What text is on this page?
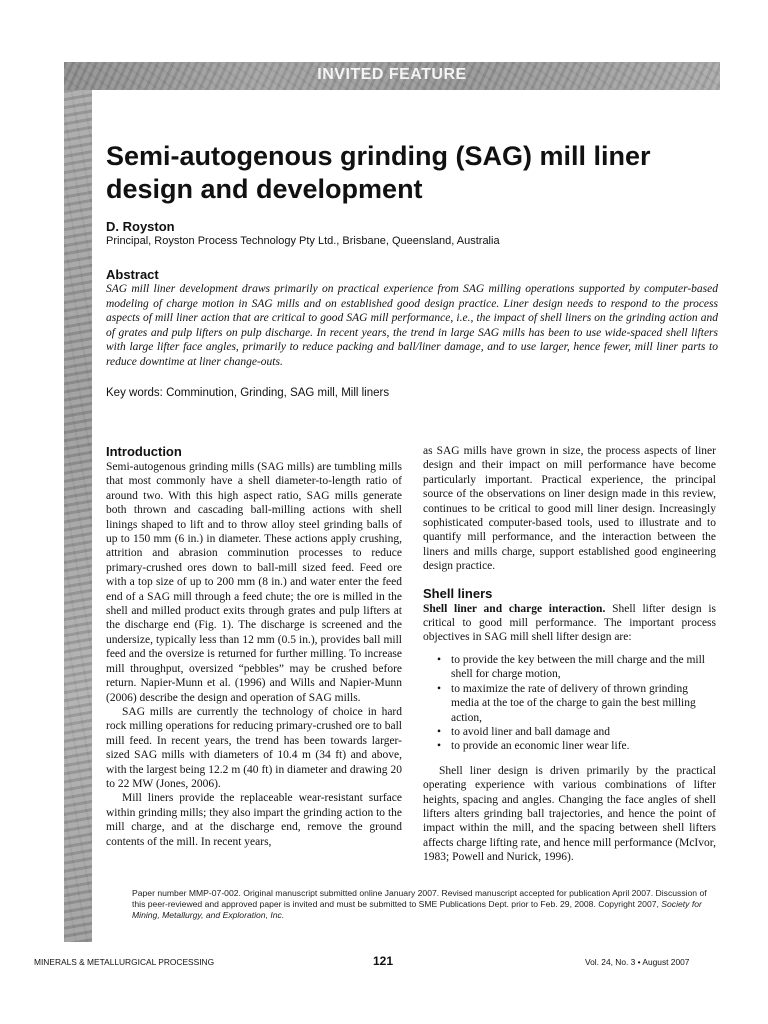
INVITED FEATURE
Semi-autogenous grinding (SAG) mill liner design and development
D. Royston
Principal, Royston Process Technology Pty Ltd., Brisbane, Queensland, Australia
Abstract

SAG mill liner development draws primarily on practical experience from SAG milling operations supported by computer-based modeling of charge motion in SAG mills and on established good design practice. Liner design needs to respond to the process aspects of mill liner action that are critical to good SAG mill performance, i.e., the impact of shell liners on the grinding action and of grates and pulp lifters on pulp discharge. In recent years, the trend in large SAG mills has been to use wide-spaced shell lifters with large lifter face angles, primarily to reduce packing and ball/liner damage, and to use larger, hence fewer, mill liner parts to reduce downtime at liner change-outs.

Key words: Comminution, Grinding, SAG mill, Mill liners
Introduction

Semi-autogenous grinding mills (SAG mills) are tumbling mills that most commonly have a shell diameter-to-length ratio of around two. With this high aspect ratio, SAG mills generate both thrown and cascading ball-milling actions with shell linings shaped to lift and to throw alloy steel grinding balls of up to 150 mm (6 in.) in diameter. These actions apply crushing, attrition and abrasion comminution processes to reduce primary-crushed ores down to ball-mill sized feed. Feed ore with a top size of up to 200 mm (8 in.) and water enter the feed end of a SAG mill through a feed chute; the ore is milled in the shell and milled product exits through grates and pulp lifters at the discharge end (Fig. 1). The discharge is screened and the undersize, typically less than 12 mm (0.5 in.), provides ball mill feed and the oversize is returned for further milling. To increase mill throughput, oversized “pebbles” may be crushed before return. Napier-Munn et al. (1996) and Wills and Napier-Munn (2006) describe the design and operation of SAG mills.

SAG mills are currently the technology of choice in hard rock milling operations for reducing primary-crushed ore to ball mill feed. In recent years, the trend has been towards larger-sized SAG mills with diameters of 10.4 m (34 ft) and above, with the largest being 12.2 m (40 ft) in diameter and drawing 20 to 22 MW (Jones, 2006).

Mill liners provide the replaceable wear-resistant surface within grinding mills; they also impart the grinding action to the mill charge, and at the discharge end, remove the ground contents of the mill. In recent years,

as SAG mills have grown in size, the process aspects of liner design and their impact on mill performance have become particularly important. Practical experience, the principal source of the observations on liner design made in this review, continues to be critical to good mill liner design. Increasingly sophisticated computer-based tools, used to illustrate and to quantify mill performance, and the interaction between the liners and mills charge, support established good engineering design practice.

Shell liners

Shell liner and charge interaction. Shell lifter design is critical to good mill performance. The important process objectives in SAG mill shell lifter design are:

• to provide the key between the mill charge and the mill shell for charge motion,
• to maximize the rate of delivery of thrown grinding media at the toe of the charge to gain the best milling action,
• to avoid liner and ball damage and
• to provide an economic liner wear life.

Shell liner design is driven primarily by the practical operating experience with various combinations of lifter heights, spacing and angles. Changing the face angles of shell lifters alters grinding ball trajectories, and hence the point of impact within the mill, and the spacing between shell lifters affects charge lifting rate, and hence mill performance (McIvor, 1983; Powell and Nurick, 1996).

Paper number MMP-07-002. Original manuscript submitted online January 2007. Revised manuscript accepted for publication April 2007. Discussion of this peer-reviewed and approved paper is invited and must be submitted to SME Publications Dept. prior to Feb. 29, 2008. Copyright 2007, Society for Mining, Metallurgy, and Exploration, Inc.

MINERALS & METALLURGICAL PROCESSING	121	Vol. 24, No. 3 • August 2007
